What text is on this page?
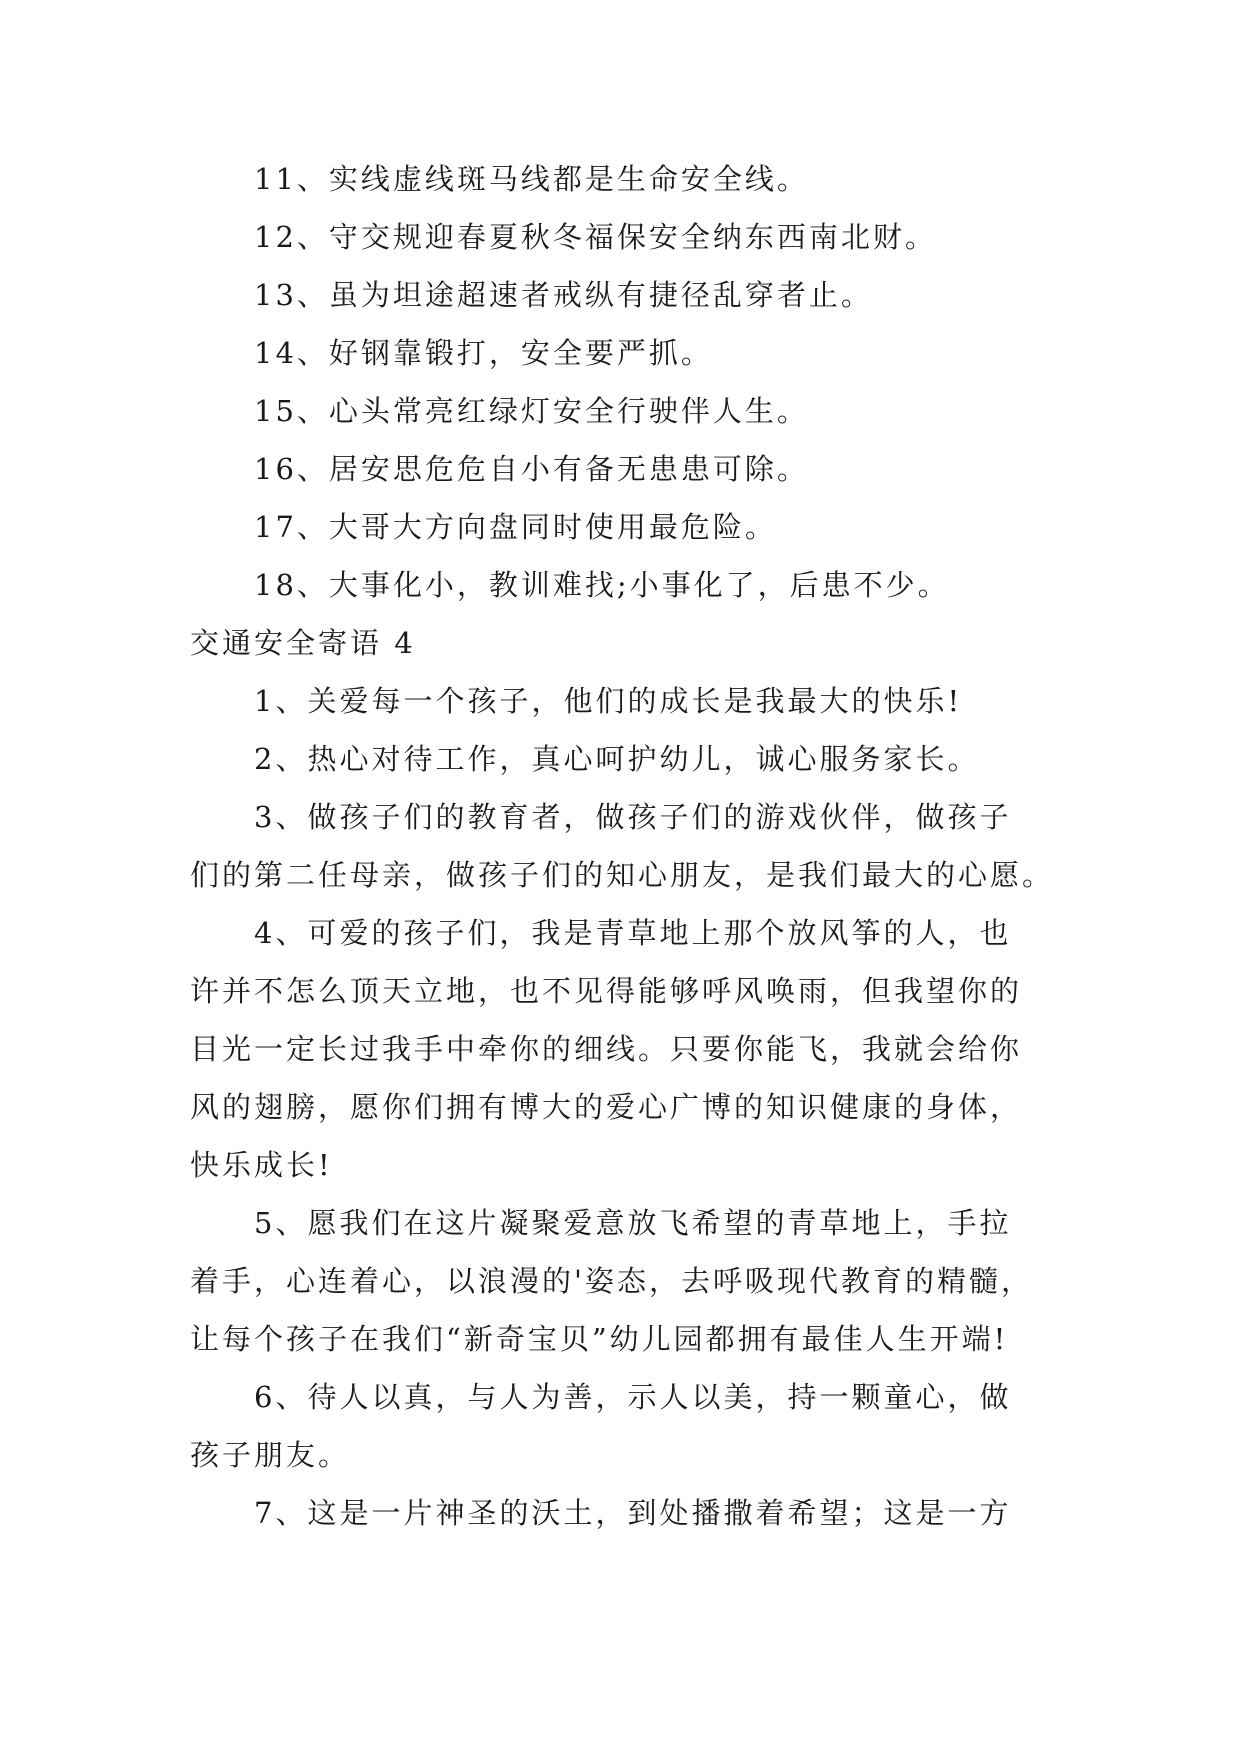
11、实线虚线斑马线都是生命安全线。
12、守交规迎春夏秋冬福保安全纳东西南北财。
13、虽为坦途超速者戒纵有捷径乱穿者止。
14、好钢靠锻打，安全要严抓。
15、心头常亮红绿灯安全行驶伴人生。
16、居安思危危自小有备无患患可除。
17、大哥大方向盘同时使用最危险。
18、大事化小，教训难找;小事化了，后患不少。
交通安全寄语 4
1、关爱每一个孩子，他们的成长是我最大的快乐!
2、热心对待工作，真心呵护幼儿，诚心服务家长。
3、做孩子们的教育者，做孩子们的游戏伙伴，做孩子
们的第二任母亲，做孩子们的知心朋友，是我们最大的心愿。
4、可爱的孩子们，我是青草地上那个放风筝的人，也
许并不怎么顶天立地，也不见得能够呼风唤雨，但我望你的
目光一定长过我手中牵你的细线。只要你能飞，我就会给你
风的翅膀，愿你们拥有博大的爱心广博的知识健康的身体，
快乐成长!
5、愿我们在这片凝聚爱意放飞希望的青草地上，手拉
着手，心连着心，以浪漫的'姿态，去呼吸现代教育的精髓，
让每个孩子在我们“新奇宝贝”幼儿园都拥有最佳人生开端!
6、待人以真，与人为善，示人以美，持一颗童心，做
孩子朋友。
7、这是一片神圣的沃土，到处播撒着希望；这是一方
